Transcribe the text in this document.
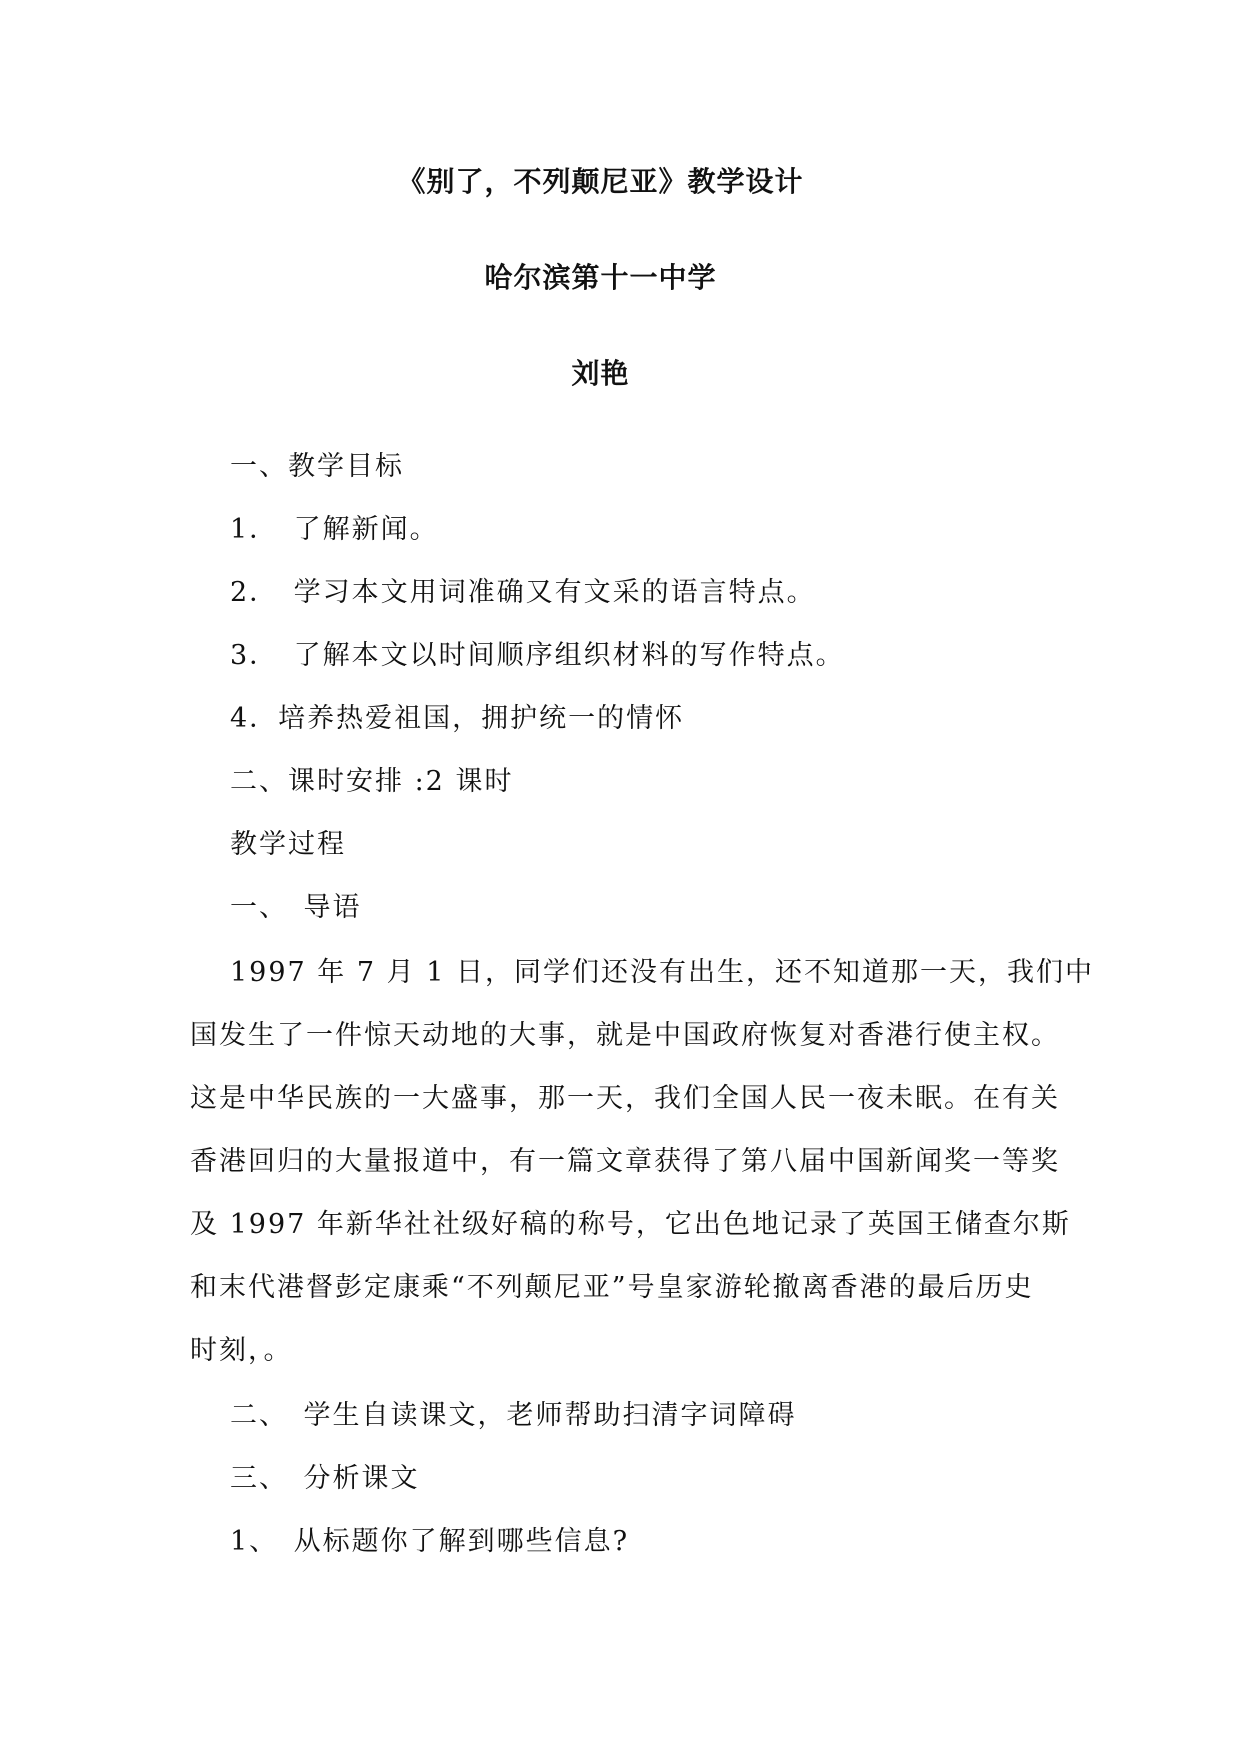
《别了，不列颠尼亚》教学设计
哈尔滨第十一中学
刘艳
一、教学目标
1．　了解新闻。
2．　学习本文用词准确又有文采的语言特点。
3．　了解本文以时间顺序组织材料的写作特点。
4．培养热爱祖国，拥护统一的情怀
二、课时安排 :2 课时
教学过程
一、　导语
1997 年 7 月 1 日，同学们还没有出生，还不知道那一天，我们中
国发生了一件惊天动地的大事，就是中国政府恢复对香港行使主权。
这是中华民族的一大盛事，那一天，我们全国人民一夜未眠。在有关
香港回归的大量报道中，有一篇文章获得了第八届中国新闻奖一等奖
及 1997 年新华社社级好稿的称号，它出色地记录了英国王储查尔斯
和末代港督彭定康乘“不列颠尼亚”号皇家游轮撤离香港的最后历史
时刻，。
二、　学生自读课文，老师帮助扫清字词障碍
三、　分析课文
1、　从标题你了解到哪些信息?
